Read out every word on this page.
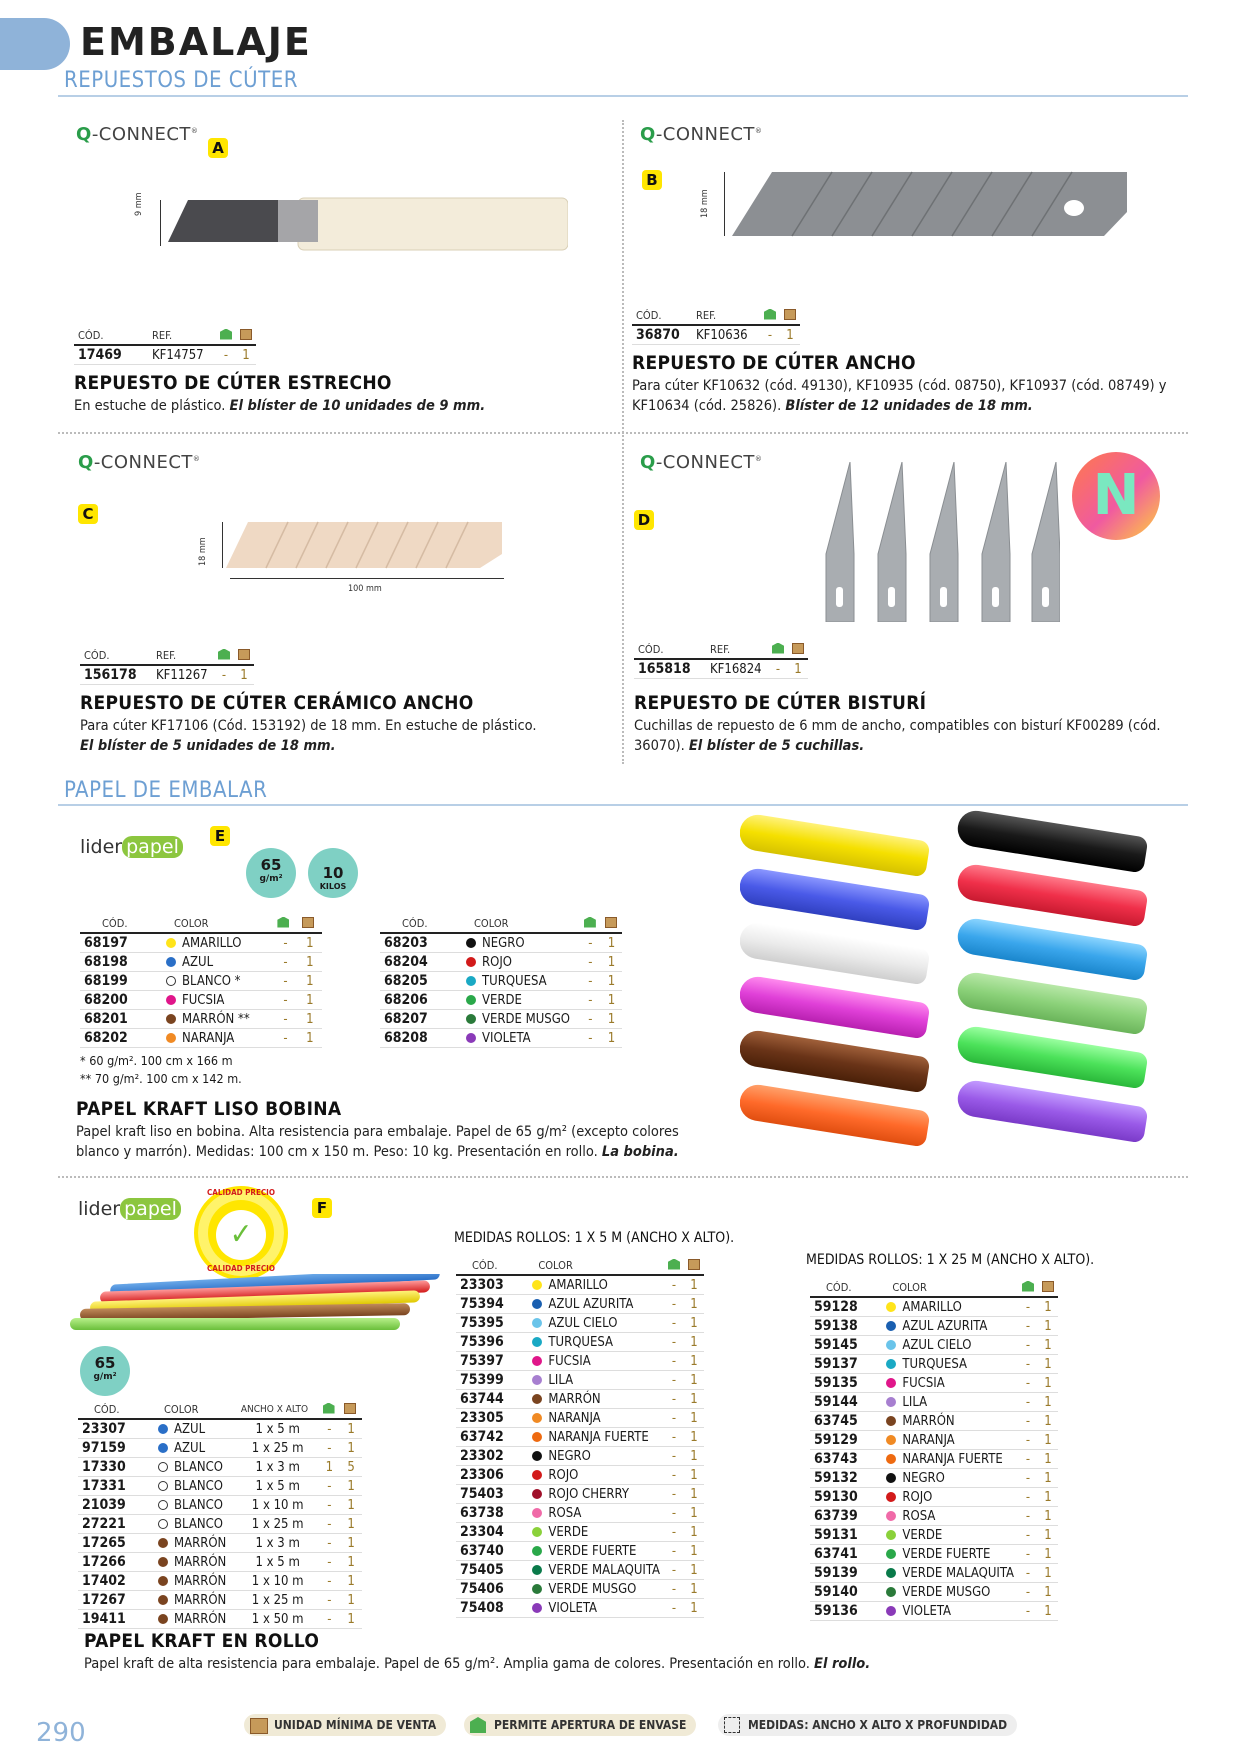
EMBALAJE
REPUESTOS DE CÚTER
Q-CONNECT®
A
9 mm
CÓD.	REF.		
17469	KF14757	-	1
REPUESTO DE CÚTER ESTRECHO
En estuche de plástico. El blíster de 10 unidades de 9 mm.
Q-CONNECT®
B
18 mm
CÓD.	REF.		
36870	KF10636	-	1
REPUESTO DE CÚTER ANCHO
Para cúter KF10632 (cód. 49130), KF10935 (cód. 08750), KF10937 (cód. 08749) y KF10634 (cód. 25826). Blíster de 12 unidades de 18 mm.
Q-CONNECT®
C
18 mm
100 mm
CÓD.	REF.		
156178	KF11267	-	1
REPUESTO DE CÚTER CERÁMICO ANCHO
Para cúter KF17106 (Cód. 153192) de 18 mm. En estuche de plástico.
El blíster de 5 unidades de 18 mm.
Q-CONNECT®
D	N
CÓD.	REF.		
165818	KF16824	-	1
REPUESTO DE CÚTER BISTURÍ
Cuchillas de repuesto de 6 mm de ancho, compatibles con bisturí KF00289 (cód. 36070). El blíster de 5 cuchillas.
PAPEL DE EMBALAR
lider papel	E
65
g/m²	10
KILOS
CÓD.	COLOR		
68197	AMARILLO	-	1
68198	AZUL	-	1
68199	BLANCO *	-	1
68200	FUCSIA	-	1
68201	MARRÓN **	-	1
68202	NARANJA	-	1
CÓD.	COLOR		
68203	NEGRO	-	1
68204	ROJO	-	1
68205	TURQUESA	-	1
68206	VERDE	-	1
68207	VERDE MUSGO	-	1
68208	VIOLETA	-	1
* 60 g/m². 100 cm x 166 m
** 70 g/m². 100 cm x 142 m.
PAPEL KRAFT LISO BOBINA
Papel kraft liso en bobina. Alta resistencia para embalaje. Papel de 65 g/m² (excepto colores blanco y marrón). Medidas: 100 cm x 150 m. Peso: 10 kg. Presentación en rollo. La bobina.
lider papel
✓
CALIDAD PRECIO
CALIDAD PRECIO
F
65
g/m²
CÓD.	COLOR	ANCHO X ALTO		
23307	AZUL	1 x 5 m	-	1
97159	AZUL	1 x 25 m	-	1
17330	BLANCO	1 x 3 m	1	5
17331	BLANCO	1 x 5 m	-	1
21039	BLANCO	1 x 10 m	-	1
27221	BLANCO	1 x 25 m	-	1
17265	MARRÓN	1 x 3 m	-	1
17266	MARRÓN	1 x 5 m	-	1
17402	MARRÓN	1 x 10 m	-	1
17267	MARRÓN	1 x 25 m	-	1
19411	MARRÓN	1 x 50 m	-	1
MEDIDAS ROLLOS: 1 X 5 M (ANCHO X ALTO).
CÓD.	COLOR		
23303	AMARILLO	-	1
75394	AZUL AZURITA	-	1
75395	AZUL CIELO	-	1
75396	TURQUESA	-	1
75397	FUCSIA	-	1
75399	LILA	-	1
63744	MARRÓN	-	1
23305	NARANJA	-	1
63742	NARANJA FUERTE	-	1
23302	NEGRO	-	1
23306	ROJO	-	1
75403	ROJO CHERRY	-	1
63738	ROSA	-	1
23304	VERDE	-	1
63740	VERDE FUERTE	-	1
75405	VERDE MALAQUITA	-	1
75406	VERDE MUSGO	-	1
75408	VIOLETA	-	1
MEDIDAS ROLLOS: 1 X 25 M (ANCHO X ALTO).
CÓD.	COLOR		
59128	AMARILLO	-	1
59138	AZUL AZURITA	-	1
59145	AZUL CIELO	-	1
59137	TURQUESA	-	1
59135	FUCSIA	-	1
59144	LILA	-	1
63745	MARRÓN	-	1
59129	NARANJA	-	1
63743	NARANJA FUERTE	-	1
59132	NEGRO	-	1
59130	ROJO	-	1
63739	ROSA	-	1
59131	VERDE	-	1
63741	VERDE FUERTE	-	1
59139	VERDE MALAQUITA	-	1
59140	VERDE MUSGO	-	1
59136	VIOLETA	-	1
PAPEL KRAFT EN ROLLO
Papel kraft de alta resistencia para embalaje. Papel de 65 g/m². Amplia gama de colores. Presentación en rollo. El rollo.
290	UNIDAD MÍNIMA DE VENTA	PERMITE APERTURA DE ENVASE	MEDIDAS: ANCHO X ALTO X PROFUNDIDAD
